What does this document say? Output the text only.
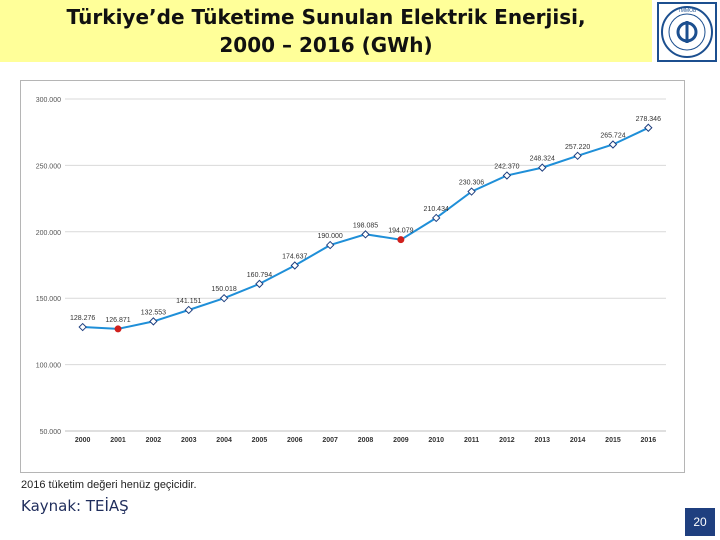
Türkiye’de Tüketime Sunulan Elektrik Enerjisi,
2000 – 2016 (GWh)
TMMOB
50.000
100.000
150.000
200.000
250.000
300.000
2000	2001	2002	2003	2004	2005	2006	2007	2008	2009	2010	2011	2012	2013	2014	2015	2016
128.276 126.871
132.553
141.151
150.018
160.794
174.637
190.000
198.085
194.079
210.434
230.306
242.370
248.324
257.220
265.724
278.346
2016 tüketim değeri henüz geçicidir.
Kaynak: TEİAŞ
20
